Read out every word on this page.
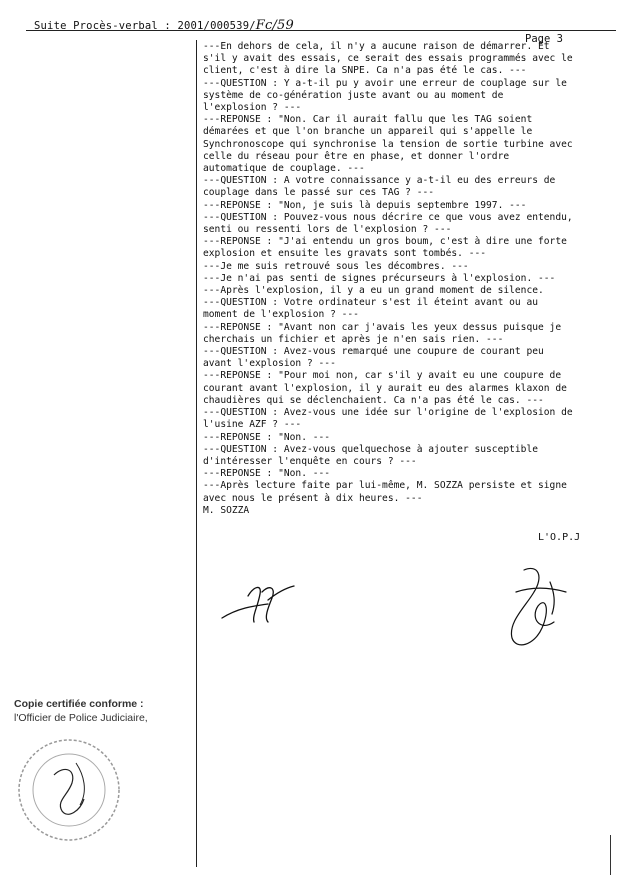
Suite Procès-verbal : 2001/000539/Fc/59
Page 3
---En dehors de cela, il n'y a aucune raison de démarrer. Et
s'il y avait des essais, ce serait des essais programmés avec le
client, c'est à dire la SNPE. Ca n'a pas été le cas. ---
---QUESTION : Y a-t-il pu y avoir une erreur de couplage sur le
système de co-génération juste avant ou au moment de
l'explosion ? ---
---REPONSE : "Non. Car il aurait fallu que les TAG soient
démarées et que l'on branche un appareil qui s'appelle le
Synchronoscope qui synchronise la tension de sortie turbine avec
celle du réseau pour être en phase, et donner l'ordre
automatique de couplage. ---
---QUESTION : A votre connaissance y a-t-il eu des erreurs de
couplage dans le passé sur ces TAG ? ---
---REPONSE : "Non, je suis là depuis septembre 1997. ---
---QUESTION : Pouvez-vous nous décrire ce que vous avez entendu,
senti ou ressenti lors de l'explosion ? ---
---REPONSE : "J'ai entendu un gros boum, c'est à dire une forte
explosion et ensuite les gravats sont tombés. ---
---Je me suis retrouvé sous les décombres. ---
---Je n'ai pas senti de signes précurseurs à l'explosion. ---
---Après l'explosion, il y a eu un grand moment de silence.
---QUESTION : Votre ordinateur s'est il éteint avant ou au
moment de l'explosion ? ---
---REPONSE : "Avant non car j'avais les yeux dessus puisque je
cherchais un fichier et après je n'en sais rien. ---
---QUESTION : Avez-vous remarqué une coupure de courant peu
avant l'explosion ? ---
---REPONSE : "Pour moi non, car s'il y avait eu une coupure de
courant avant l'explosion, il y aurait eu des alarmes klaxon de
chaudières qui se déclenchaient. Ca n'a pas été le cas. ---
---QUESTION : Avez-vous une idée sur l'origine de l'explosion de
l'usine AZF ? ---
---REPONSE : "Non. ---
---QUESTION : Avez-vous quelquechose à ajouter susceptible
d'intéresser l'enquête en cours ? ---
---REPONSE : "Non. ---
---Après lecture faite par lui-même, M. SOZZA persiste et signe
avec nous le présent à dix heures. ---
M. SOZZA
L'O.P.J
Copie certifiée conforme :
l'Officier de Police Judiciaire,
